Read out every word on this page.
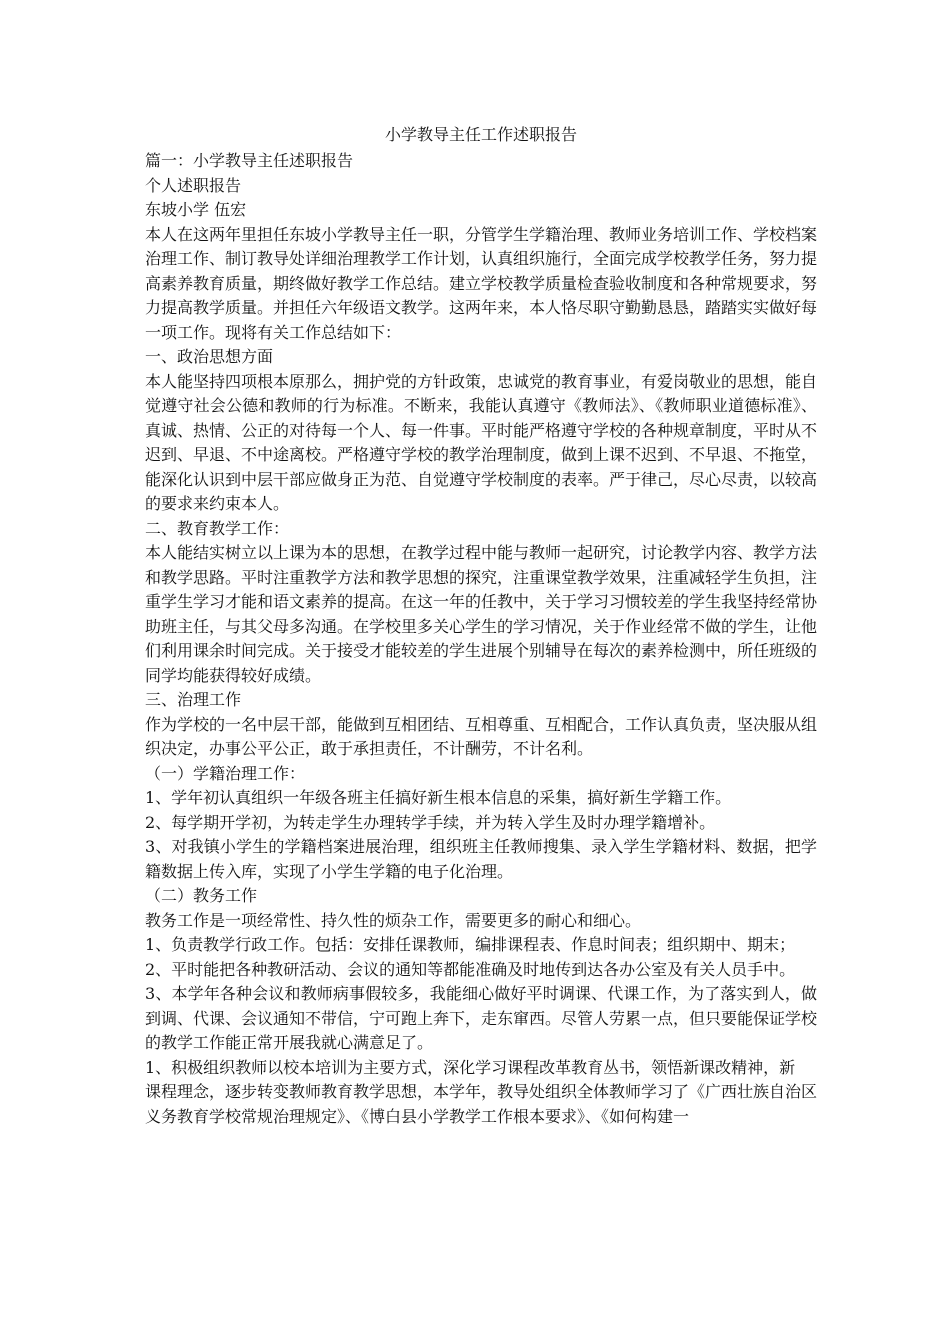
小学教导主任工作述职报告

篇一：小学教导主任述职报告

个人述职报告

东坡小学 伍宏

本人在这两年里担任东坡小学教导主任一职，分管学生学籍治理、教师业务培训工作、学校档案治理工作、制订教导处详细治理教学工作计划，认真组织施行，全面完成学校教学任务，努力提高素养教育质量，期终做好教学工作总结。建立学校教学质量检查验收制度和各种常规要求，努力提高教学质量。并担任六年级语文教学。这两年来，本人恪尽职守勤勤恳恳，踏踏实实做好每一项工作。现将有关工作总结如下：

一、政治思想方面

本人能坚持四项根本原那么，拥护党的方针政策，忠诚党的教育事业，有爱岗敬业的思想，能自觉遵守社会公德和教师的行为标准。不断来，我能认真遵守《教师法》、《教师职业道德标准》、真诚、热情、公正的对待每一个人、每一件事。平时能严格遵守学校的各种规章制度，平时从不迟到、早退、不中途离校。严格遵守学校的教学治理制度，做到上课不迟到、不早退、不拖堂，能深化认识到中层干部应做身正为范、自觉遵守学校制度的表率。严于律己，尽心尽责，以较高的要求来约束本人。

二、教育教学工作：

本人能结实树立以上课为本的思想，在教学过程中能与教师一起研究，讨论教学内容、教学方法和教学思路。平时注重教学方法和教学思想的探究，注重课堂教学效果，注重减轻学生负担，注重学生学习才能和语文素养的提高。在这一年的任教中，关于学习习惯较差的学生我坚持经常协助班主任，与其父母多沟通。在学校里多关心学生的学习情况，关于作业经常不做的学生，让他们利用课余时间完成。关于接受才能较差的学生进展个别辅导在每次的素养检测中，所任班级的同学均能获得较好成绩。

三、治理工作

作为学校的一名中层干部，能做到互相团结、互相尊重、互相配合，工作认真负责，坚决服从组织决定，办事公平公正，敢于承担责任，不计酬劳，不计名利。

（一）学籍治理工作：

1、学年初认真组织一年级各班主任搞好新生根本信息的采集，搞好新生学籍工作。

2、每学期开学初，为转走学生办理转学手续，并为转入学生及时办理学籍增补。

3、对我镇小学生的学籍档案进展治理，组织班主任教师搜集、录入学生学籍材料、数据，把学籍数据上传入库，实现了小学生学籍的电子化治理。

（二）教务工作

教务工作是一项经常性、持久性的烦杂工作，需要更多的耐心和细心。

1、负责教学行政工作。包括：安排任课教师，编排课程表、作息时间表；组织期中、期末；

2、平时能把各种教研活动、会议的通知等都能准确及时地传到达各办公室及有关人员手中。

3、本学年各种会议和教师病事假较多，我能细心做好平时调课、代课工作，为了落实到人，做到调、代课、会议通知不带信，宁可跑上奔下，走东窜西。尽管人劳累一点，但只要能保证学校的教学工作能正常开展我就心满意足了。

1、积极组织教师以校本培训为主要方式，深化学习课程改革教育丛书，领悟新课改精神，新

课程理念，逐步转变教师教育教学思想，本学年，教导处组织全体教师学习了《广西壮族自治区义务教育学校常规治理规定》、《博白县小学教学工作根本要求》、《如何构建一
